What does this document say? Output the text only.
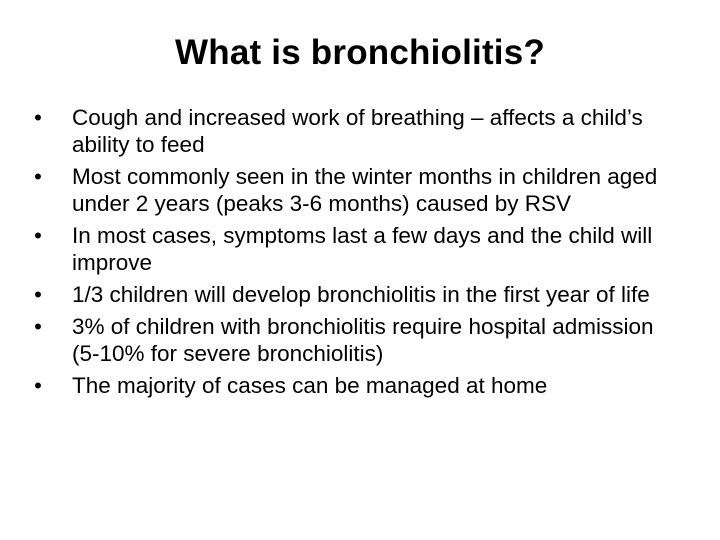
What is bronchiolitis?
• Cough and increased work of breathing – affects a child’s ability to feed
• Most commonly seen in the winter months in children aged under 2 years (peaks 3-6 months) caused by RSV
• In most cases, symptoms last a few days and the child will improve
• 1/3 children will develop bronchiolitis in the first year of life
• 3% of children with bronchiolitis require hospital admission (5-10% for severe bronchiolitis)
• The majority of cases can be managed at home
